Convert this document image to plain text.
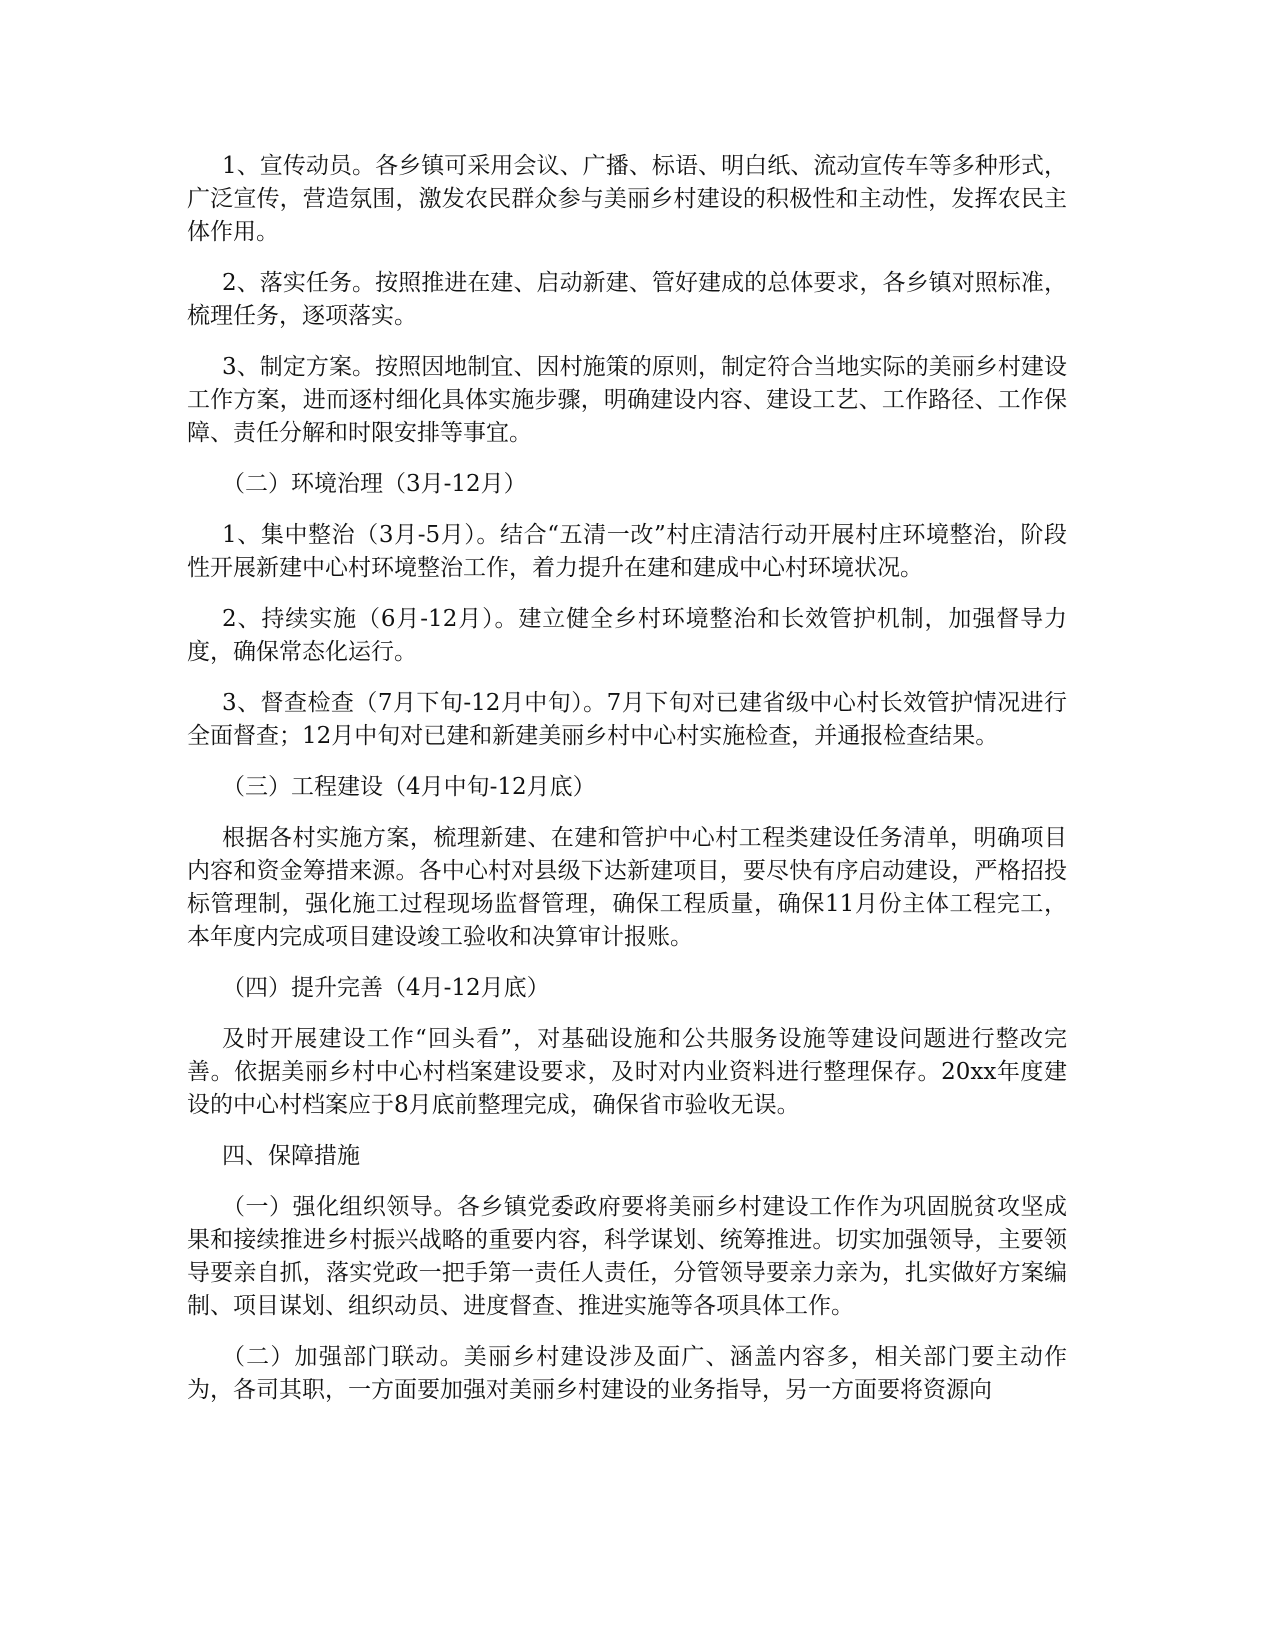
1、宣传动员。各乡镇可采用会议、广播、标语、明白纸、流动宣传车等多种形式，广泛宣传，营造氛围，激发农民群众参与美丽乡村建设的积极性和主动性，发挥农民主体作用。

2、落实任务。按照推进在建、启动新建、管好建成的总体要求，各乡镇对照标准，梳理任务，逐项落实。

3、制定方案。按照因地制宜、因村施策的原则，制定符合当地实际的美丽乡村建设工作方案，进而逐村细化具体实施步骤，明确建设内容、建设工艺、工作路径、工作保障、责任分解和时限安排等事宜。

（二）环境治理（3月-12月）

1、集中整治（3月-5月）。结合“五清一改”村庄清洁行动开展村庄环境整治，阶段性开展新建中心村环境整治工作，着力提升在建和建成中心村环境状况。

2、持续实施（6月-12月）。建立健全乡村环境整治和长效管护机制，加强督导力度，确保常态化运行。

3、督查检查（7月下旬-12月中旬）。7月下旬对已建省级中心村长效管护情况进行全面督查；12月中旬对已建和新建美丽乡村中心村实施检查，并通报检查结果。

（三）工程建设（4月中旬-12月底）

根据各村实施方案，梳理新建、在建和管护中心村工程类建设任务清单，明确项目内容和资金筹措来源。各中心村对县级下达新建项目，要尽快有序启动建设，严格招投标管理制，强化施工过程现场监督管理，确保工程质量，确保11月份主体工程完工，本年度内完成项目建设竣工验收和决算审计报账。

（四）提升完善（4月-12月底）

及时开展建设工作“回头看”，对基础设施和公共服务设施等建设问题进行整改完善。依据美丽乡村中心村档案建设要求，及时对内业资料进行整理保存。20xx年度建设的中心村档案应于8月底前整理完成，确保省市验收无误。

四、保障措施

（一）强化组织领导。各乡镇党委政府要将美丽乡村建设工作作为巩固脱贫攻坚成果和接续推进乡村振兴战略的重要内容，科学谋划、统筹推进。切实加强领导，主要领导要亲自抓，落实党政一把手第一责任人责任，分管领导要亲力亲为，扎实做好方案编制、项目谋划、组织动员、进度督查、推进实施等各项具体工作。

（二）加强部门联动。美丽乡村建设涉及面广、涵盖内容多，相关部门要主动作为，各司其职，一方面要加强对美丽乡村建设的业务指导，另一方面要将资源向
